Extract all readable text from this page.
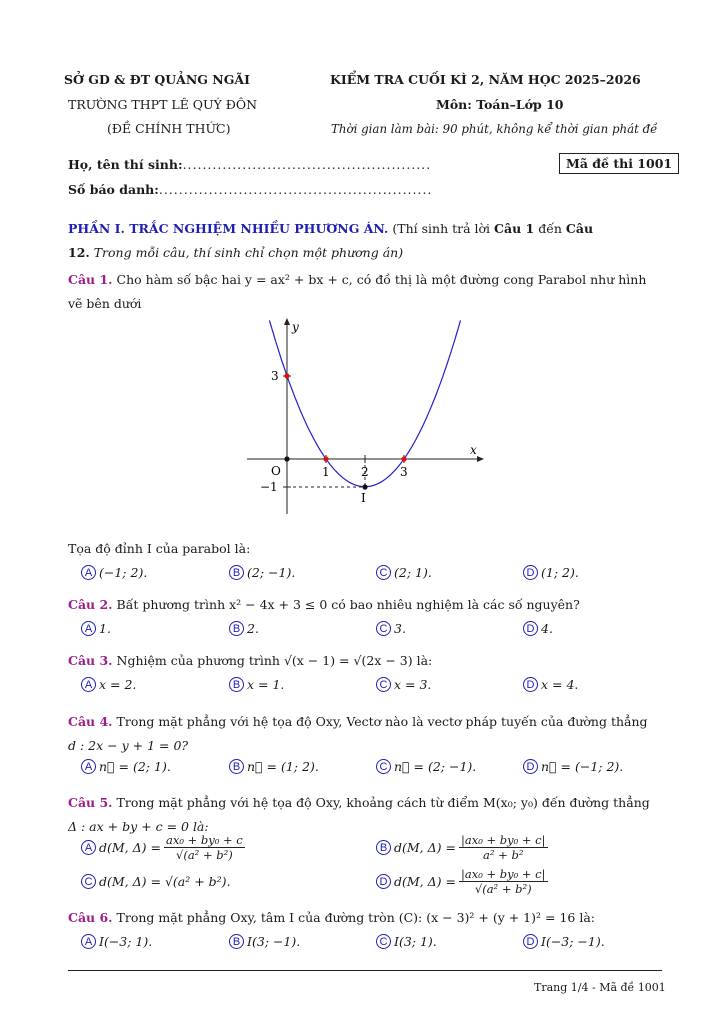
SỞ GD & ĐT QUẢNG NGÃI
TRƯỜNG THPT LÊ QUÝ ĐÔN
(ĐỀ CHÍNH THỨC)
KIỂM TRA CUỐI KÌ 2, NĂM HỌC 2025–2026
Môn: Toán–Lớp 10
Thời gian làm bài: 90 phút, không kể thời gian phát đề
Họ, tên thí sinh:..................................................
Số báo danh:.......................................................
Mã đề thi 1001
PHẦN I. TRẮC NGHIỆM NHIỀU PHƯƠNG ÁN. (Thí sinh trả lời Câu 1 đến Câu
12. Trong mỗi câu, thí sinh chỉ chọn một phương án)
Câu 1. Cho hàm số bậc hai y = ax² + bx + c, có đồ thị là một đường cong Parabol như hình
vẽ bên dưới
y
x
O
3
−1
1	2	3
I
Tọa độ đỉnh I của parabol là:
Câu 2. Bất phương trình x² − 4x + 3 ≤ 0 có bao nhiêu nghiệm là các số nguyên?
Câu 3. Nghiệm của phương trình √(x − 1) = √(2x − 3) là:
Câu 4. Trong mặt phẳng với hệ tọa độ Oxy, Vectơ nào là vectơ pháp tuyến của đường thẳng
d : 2x − y + 1 = 0?
Câu 5. Trong mặt phẳng với hệ tọa độ Oxy, khoảng cách từ điểm M(x₀; y₀) đến đường thẳng
Δ : ax + by + c = 0 là:
A d(M, $\Delta) = \frac{\text{ax₀ + by₀ + c}}{\text{√(a² + b²)}}$	B d(M, $\Delta) = \frac{\text{|ax₀ + by₀ + c|}}{\text{a² + b²}}$
C d(M, Δ) = √(a² + b²).	D d(M, $\Delta) = \frac{\text{|ax₀ + by₀ + c|}}{\text{√(a² + b²)}}$
Câu 6. Trong mặt phẳng Oxy, tâm I của đường tròn (C): (x − 3)² + (y + 1)² = 16 là:
A (−1; 2).	B (2; −1).	C (2; 1).	D (1; 2).
A 1.	B 2.	C 3.	D 4.
A x = 2.	B x = 1.	C x = 3.	D x = 4.
A n⃗ = (2; 1).	B n⃗ = (1; 2).	C n⃗ = (2; −1).	D n⃗ = (−1; 2).
A I(−3; 1).	B I(3; −1).	C I(3; 1).	D I(−3; −1).
Trang 1/4 - Mã đề 1001
